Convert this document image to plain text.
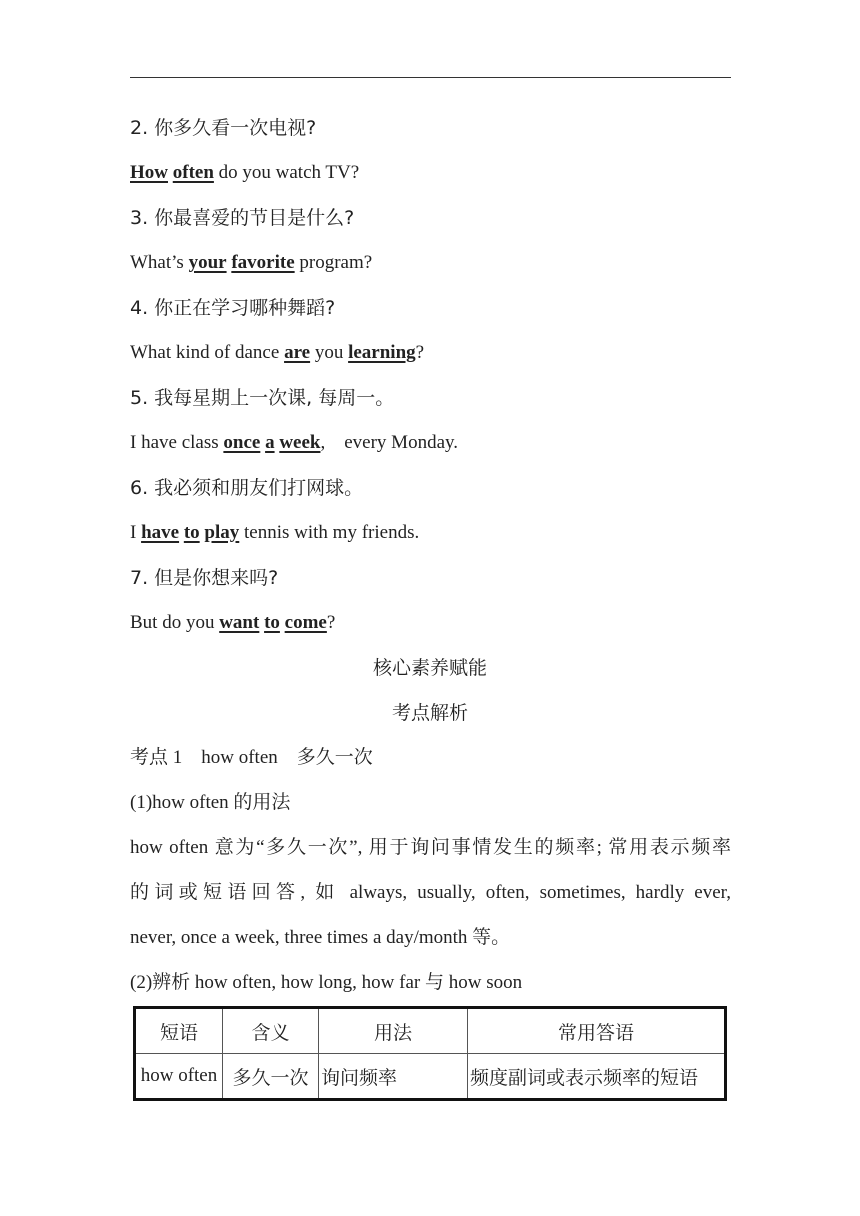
2. 你多久看一次电视?
How often do you watch TV?
3. 你最喜爱的节目是什么?
What’s your favorite program?
4. 你正在学习哪种舞蹈?
What kind of dance are you learning?
5. 我每星期上一次课, 每周一。
I have class once a week,    every Monday.
6. 我必须和朋友们打网球。
I have to play tennis with my friends.
7. 但是你想来吗?
But do you want to come?
核心素养赋能
考点解析
考点 1    how often    多久一次
(1)how often 的用法
how often 意为“多久一次”, 用于询问事情发生的频率; 常用表示频率
的词或短语回答, 如 always, usually, often, sometimes, hardly ever,
never, once a week, three times a day/month 等。
(2)辨析 how often, how long, how far 与 how soon
短语	含义	用法	常用答语
how often	多久一次	询问频率	频度副词或表示频率的短语
